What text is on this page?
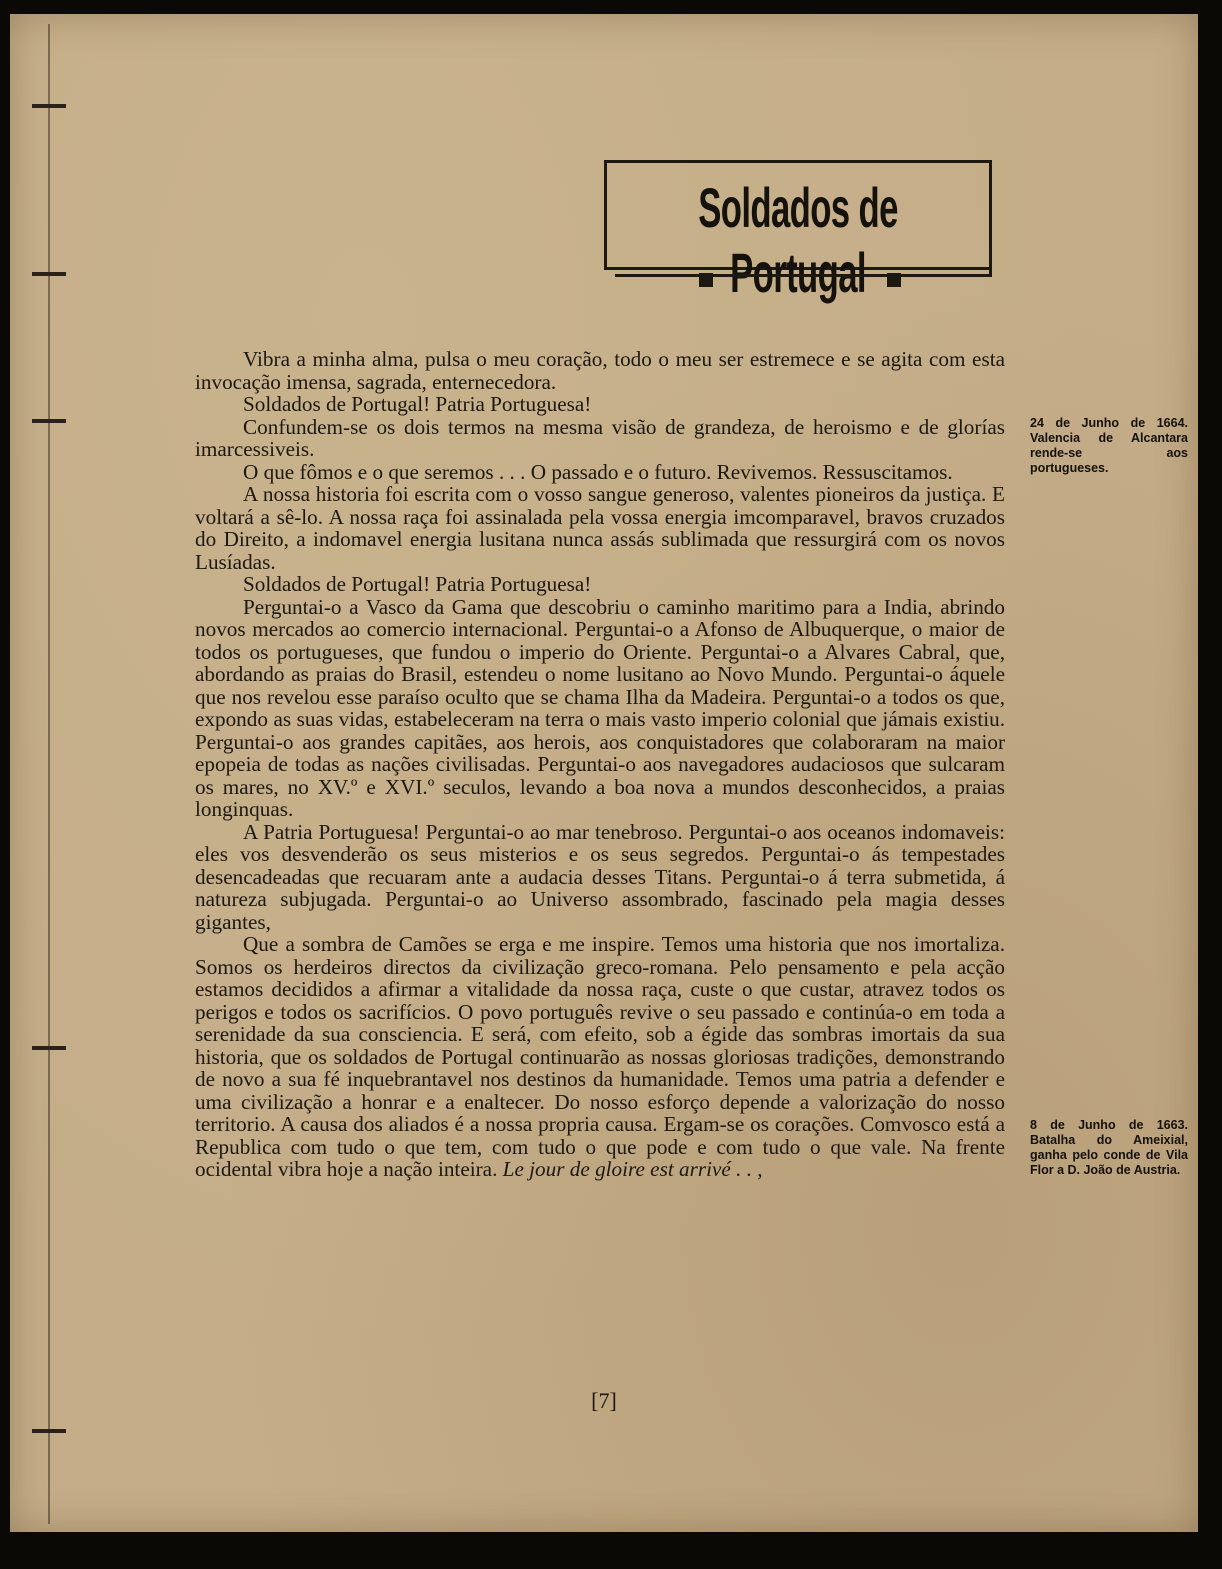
Soldados de Portugal

Vibra a minha alma, pulsa o meu coração, todo o meu ser estremece e se agita com esta invocação imensa, sagrada, enternecedora.

Soldados de Portugal! Patria Portuguesa!

Confundem-se os dois termos na mesma visão de grandeza, de heroismo e de glorías imarcessiveis.

O que fômos e o que seremos . . . O passado e o futuro. Revivemos. Ressuscitamos.

A nossa historia foi escrita com o vosso sangue generoso, valentes pioneiros da justiça. E voltará a sê-lo. A nossa raça foi assinalada pela vossa energia imcomparavel, bravos cruzados do Direito, a indomavel energia lusitana nunca assás sublimada que ressurgirá com os novos Lusíadas.

Soldados de Portugal! Patria Portuguesa!

Perguntai-o a Vasco da Gama que descobriu o caminho maritimo para a India, abrindo novos mercados ao comercio internacional. Perguntai-o a Afonso de Albuquerque, o maior de todos os portugueses, que fundou o imperio do Oriente. Perguntai-o a Alvares Cabral, que, abordando as praias do Brasil, estendeu o nome lusitano ao Novo Mundo. Perguntai-o áquele que nos revelou esse paraíso oculto que se chama Ilha da Madeira. Perguntai-o a todos os que, expondo as suas vidas, estabeleceram na terra o mais vasto imperio colonial que jámais existiu. Perguntai-o aos grandes capitães, aos herois, aos conquistadores que colaboraram na maior epopeia de todas as nações civilisadas. Perguntai-o aos navegadores audaciosos que sulcaram os mares, no XV.º e XVI.º seculos, levando a boa nova a mundos desconhecidos, a praias longinquas.

A Patria Portuguesa! Perguntai-o ao mar tenebroso. Perguntai-o aos oceanos indomaveis: eles vos desvenderão os seus misterios e os seus segredos. Perguntai-o ás tempestades desencadeadas que recuaram ante a audacia desses Titans. Perguntai-o á terra submetida, á natureza subjugada. Perguntai-o ao Universo assombrado, fascinado pela magia desses gigantes,

Que a sombra de Camões se erga e me inspire. Temos uma historia que nos imortaliza. Somos os herdeiros directos da civilização greco-romana. Pelo pensamento e pela acção estamos decididos a afirmar a vitalidade da nossa raça, custe o que custar, atravez todos os perigos e todos os sacrifícios. O povo português revive o seu passado e continúa-o em toda a serenidade da sua consciencia. E será, com efeito, sob a égide das sombras imortais da sua historia, que os soldados de Portugal continuarão as nossas gloriosas tradições, demonstrando de novo a sua fé inquebrantavel nos destinos da humanidade. Temos uma patria a defender e uma civilização a honrar e a enaltecer. Do nosso esforço depende a valorização do nosso territorio. A causa dos aliados é a nossa propria causa. Ergam-se os corações. Comvosco está a Republica com tudo o que tem, com tudo o que pode e com tudo o que vale. Na frente ocidental vibra hoje a nação inteira. Le jour de gloire est arrivé . . ,

24 de Junho de 1664. Valencia de Alcantara rende-se aos portugueses.
8 de Junho de 1663. Batalha do Ameixial, ganha pelo conde de Vila Flor a D. João de Austria.
[7]
